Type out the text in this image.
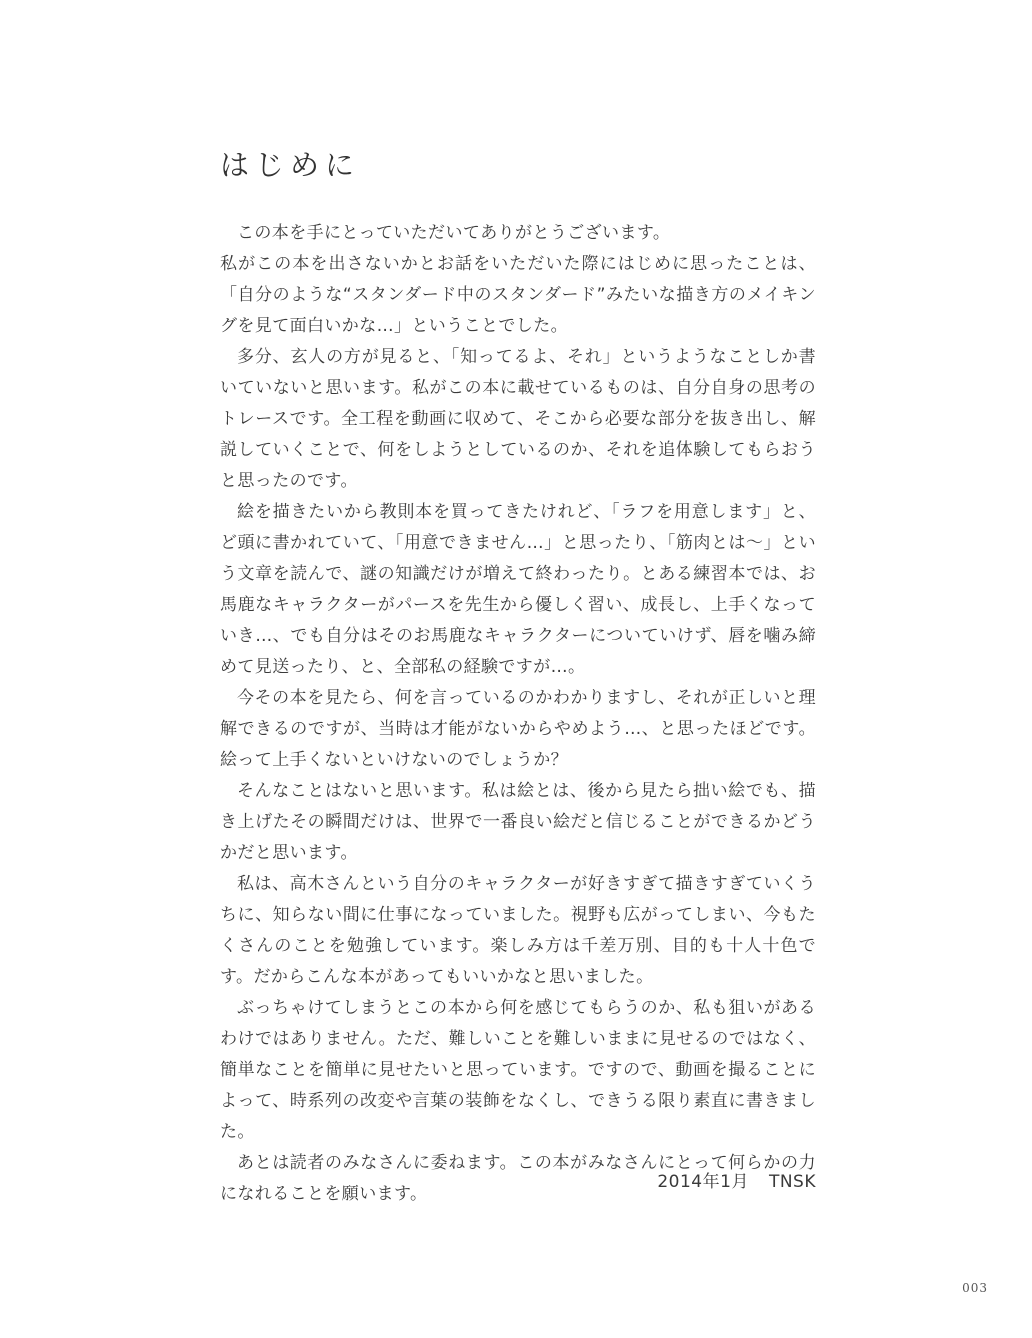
はじめに

この本を手にとっていただいてありがとうございます。

私がこの本を出さないかとお話をいただいた際にはじめに思ったことは、「自分のような“スタンダード中のスタンダード”みたいな描き方のメイキングを見て面白いかな…」ということでした。

多分、玄人の方が見ると、「知ってるよ、それ」というようなことしか書いていないと思います。私がこの本に載せているものは、自分自身の思考のトレースです。全工程を動画に収めて、そこから必要な部分を抜き出し、解説していくことで、何をしようとしているのか、それを追体験してもらおうと思ったのです。

絵を描きたいから教則本を買ってきたけれど、「ラフを用意します」と、ど頭に書かれていて、「用意できません…」と思ったり、「筋肉とは〜」という文章を読んで、謎の知識だけが増えて終わったり。とある練習本では、お馬鹿なキャラクターがパースを先生から優しく習い、成長し、上手くなっていき…、でも自分はそのお馬鹿なキャラクターについていけず、唇を噛み締めて見送ったり、と、全部私の経験ですが…。

今その本を見たら、何を言っているのかわかりますし、それが正しいと理解できるのですが、当時は才能がないからやめよう…、と思ったほどです。絵って上手くないといけないのでしょうか？

そんなことはないと思います。私は絵とは、後から見たら拙い絵でも、描き上げたその瞬間だけは、世界で一番良い絵だと信じることができるかどうかだと思います。

私は、高木さんという自分のキャラクターが好きすぎて描きすぎていくうちに、知らない間に仕事になっていました。視野も広がってしまい、今もたくさんのことを勉強しています。楽しみ方は千差万別、目的も十人十色です。だからこんな本があってもいいかなと思いました。

ぶっちゃけてしまうとこの本から何を感じてもらうのか、私も狙いがあるわけではありません。ただ、難しいことを難しいままに見せるのではなく、簡単なことを簡単に見せたいと思っています。ですので、動画を撮ることによって、時系列の改変や言葉の装飾をなくし、できうる限り素直に書きました。

あとは読者のみなさんに委ねます。この本がみなさんにとって何らかの力になれることを願います。

2014年1月 TNSK
003
